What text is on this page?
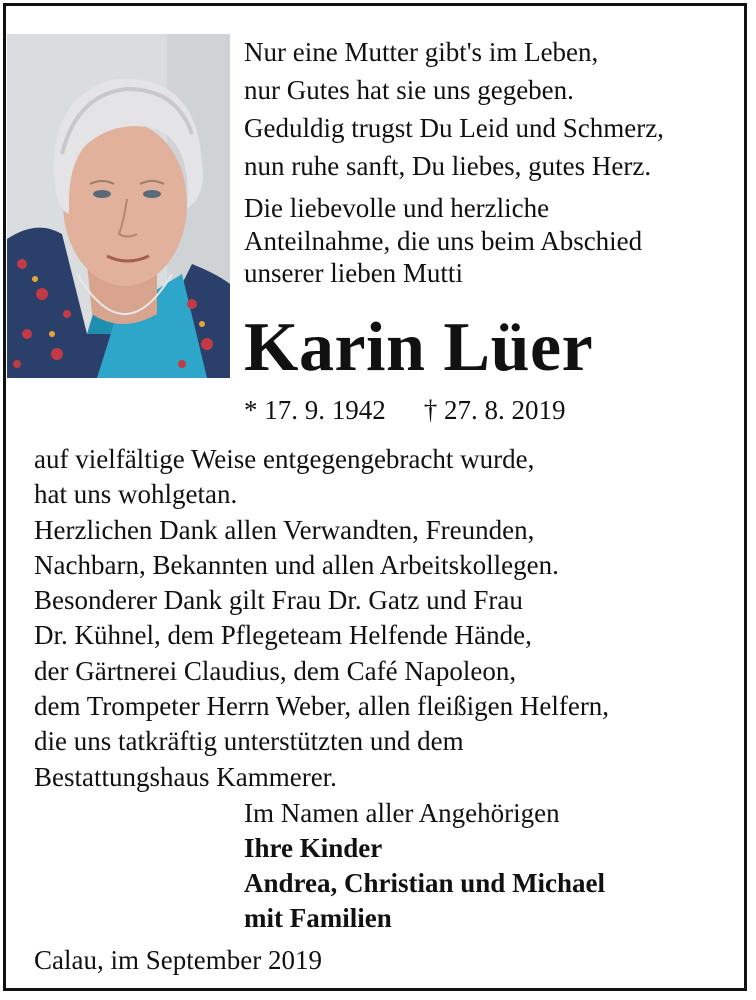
Nur eine Mutter gibt's im Leben,
nur Gutes hat sie uns gegeben.
Geduldig trugst Du Leid und Schmerz,
nun ruhe sanft, Du liebes, gutes Herz.
Die liebevolle und herzliche
Anteilnahme, die uns beim Abschied
unserer lieben Mutti
Karin Lüer
* 17. 9. 1942 † 27. 8. 2019
auf vielfältige Weise entgegengebracht wurde,
hat uns wohlgetan.
Herzlichen Dank allen Verwandten, Freunden,
Nachbarn, Bekannten und allen Arbeitskollegen.
Besonderer Dank gilt Frau Dr. Gatz und Frau
Dr. Kühnel, dem Pflegeteam Helfende Hände,
der Gärtnerei Claudius, dem Café Napoleon,
dem Trompeter Herrn Weber, allen fleißigen Helfern,
die uns tatkräftig unterstützten und dem
Bestattungshaus Kammerer.
Im Namen aller Angehörigen
Ihre Kinder
Andrea, Christian und Michael
mit Familien
Calau, im September 2019
